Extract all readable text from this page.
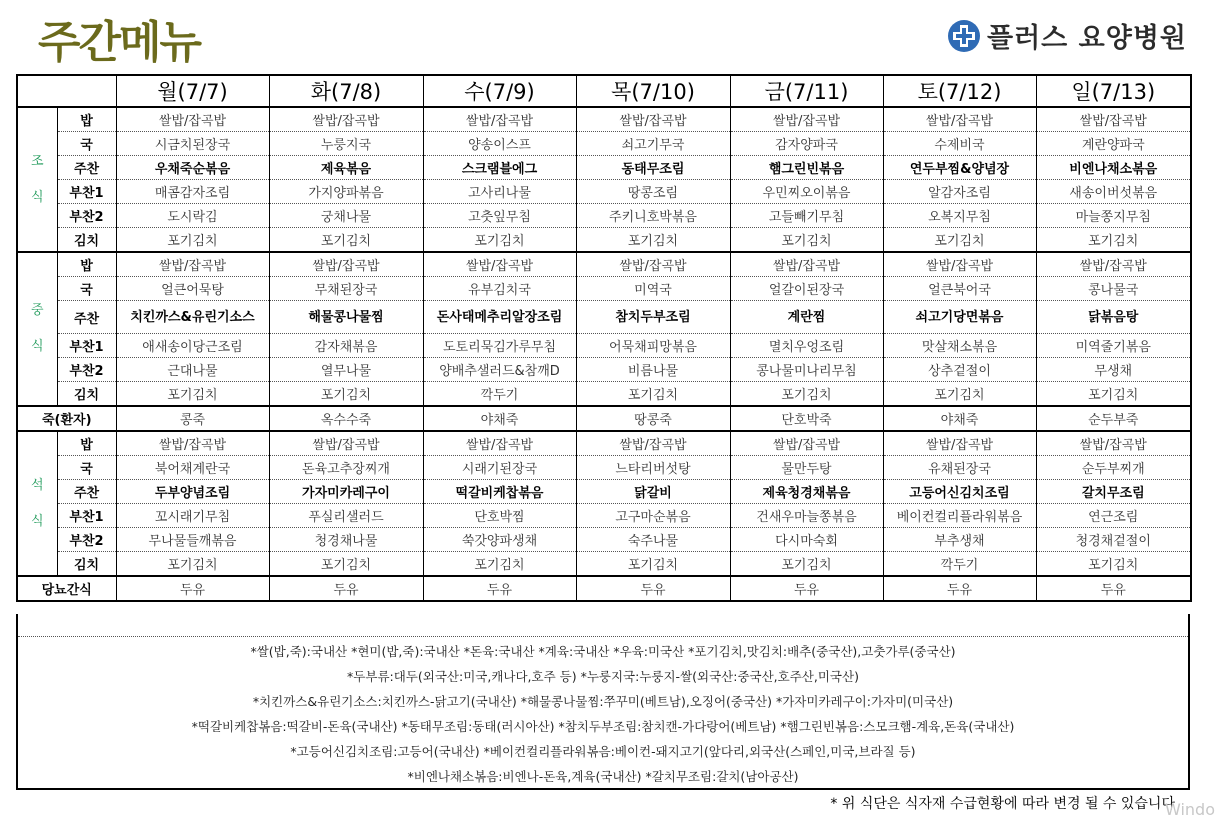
주간메뉴	플러스 요양병원
		월(7/7)	화(7/8)	수(7/9)	목(7/10)	금(7/11)	토(7/12)	일(7/13)

조
식	밥	쌀밥/잡곡밥	쌀밥/잡곡밥	쌀밥/잡곡밥	쌀밥/잡곡밥	쌀밥/잡곡밥	쌀밥/잡곡밥	쌀밥/잡곡밥
	국	시금치된장국	누룽지국	양송이스프	쇠고기무국	감자양파국	수제비국	계란양파국
	주찬	우채죽순볶음	제육볶음	스크램블에그	동태무조림	햄그린빈볶음	연두부찜&양념장	비엔나채소볶음
	부찬1	매콤감자조림	가지양파볶음	고사리나물	땅콩조림	우민찌오이볶음	알감자조림	새송이버섯볶음
	부찬2	도시락김	궁채나물	고춧잎무침	주키니호박볶음	고들빼기무침	오복지무침	마늘쫑지무침
	김치	포기김치	포기김치	포기김치	포기김치	포기김치	포기김치	포기김치

중
식	밥	쌀밥/잡곡밥	쌀밥/잡곡밥	쌀밥/잡곡밥	쌀밥/잡곡밥	쌀밥/잡곡밥	쌀밥/잡곡밥	쌀밥/잡곡밥
	국	얼큰어묵탕	무채된장국	유부김치국	미역국	얼갈이된장국	얼큰북어국	콩나물국
	주찬	치킨까스&유린기소스	해물콩나물찜	돈사태메추리알장조림	참치두부조림	계란찜	쇠고기당면볶음	닭볶음탕
	부찬1	애새송이당근조림	감자채볶음	도토리묵김가루무침	어묵채피망볶음	멸치우엉조림	맛살채소볶음	미역줄기볶음
	부찬2	근대나물	열무나물	양배추샐러드&참깨D	비름나물	콩나물미나리무침	상추겉절이	무생채
	김치	포기김치	포기김치	깍두기	포기김치	포기김치	포기김치	포기김치
죽(환자)		콩죽	옥수수죽	야채죽	땅콩죽	단호박죽	야채죽	순두부죽

석
식	밥	쌀밥/잡곡밥	쌀밥/잡곡밥	쌀밥/잡곡밥	쌀밥/잡곡밥	쌀밥/잡곡밥	쌀밥/잡곡밥	쌀밥/잡곡밥
	국	북어채계란국	돈육고추장찌개	시래기된장국	느타리버섯탕	물만두탕	유채된장국	순두부찌개
	주찬	두부양념조림	가자미카레구이	떡갈비케찹볶음	닭갈비	제육청경채볶음	고등어신김치조림	갈치무조림
	부찬1	꼬시래기무침	푸실리샐러드	단호박찜	고구마순볶음	건새우마늘쫑볶음	베이컨컬리플라워볶음	연근조림
	부찬2	무나물들깨볶음	청경채나물	쑥갓양파생채	숙주나물	다시마숙회	부추생채	청경채겉절이
	김치	포기김치	포기김치	포기김치	포기김치	포기김치	깍두기	포기김치
당뇨간식		두유	두유	두유	두유	두유	두유	두유
*쌀(밥,죽):국내산 *현미(밥,죽):국내산 *돈육:국내산 *계육:국내산 *우육:미국산 *포기김치,맛김치:배추(중국산),고춧가루(중국산)
*두부류:대두(외국산:미국,캐나다,호주 등) *누룽지국:누룽지-쌀(외국산:중국산,호주산,미국산)
*치킨까스&유린기소스:치킨까스-닭고기(국내산) *해물콩나물찜:쭈꾸미(베트남),오징어(중국산) *가자미카레구이:가자미(미국산)
*떡갈비케찹볶음:떡갈비-돈육(국내산) *동태무조림:동태(러시아산) *참치두부조림:참치캔-가다랑어(베트남) *햄그린빈볶음:스모크햄-계육,돈육(국내산)
*고등어신김치조림:고등어(국내산) *베이컨컬리플라워볶음:베이컨-돼지고기(앞다리,외국산(스페인,미국,브라질 등)
*비엔나채소볶음:비엔나-돈육,계육(국내산) *갈치무조림:갈치(남아공산)
* 위 식단은 식자재 수급현황에 따라 변경 될 수 있습니다
Windo
